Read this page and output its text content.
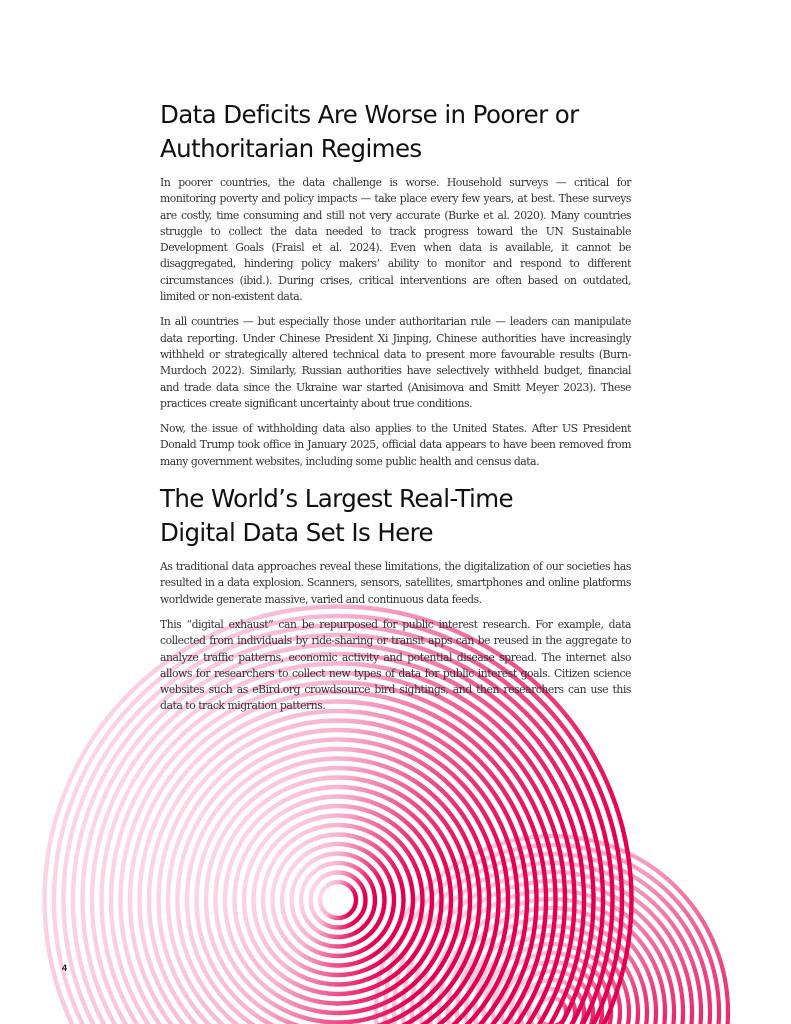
Data Deficits Are Worse in Poorer or
Authoritarian Regimes

In poorer countries, the data challenge is worse. Household surveys — critical for monitoring poverty and policy impacts — take place every few years, at best. These surveys are costly, time consuming and still not very accurate (Burke et al. 2020). Many countries struggle to collect the data needed to track progress toward the UN Sustainable Development Goals (Fraisl et al. 2024). Even when data is available, it cannot be disaggregated, hindering policy makers’ ability to monitor and respond to different circumstances (ibid.). During crises, critical interventions are often based on outdated, limited or non-existent data.

In all countries — but especially those under authoritarian rule — leaders can manipulate data reporting. Under Chinese President Xi Jinping, Chinese authorities have increasingly withheld or strategically altered technical data to present more favourable results (Burn-Murdoch 2022). Similarly, Russian authorities have selectively withheld budget, financial and trade data since the Ukraine war started (Anisimova and Smitt Meyer 2023). These practices create significant uncertainty about true conditions.

Now, the issue of withholding data also applies to the United States. After US President Donald Trump took office in January 2025, official data appears to have been removed from many government websites, including some public health and census data.

The World’s Largest Real-Time
Digital Data Set Is Here

As traditional data approaches reveal these limitations, the digitalization of our societies has resulted in a data explosion. Scanners, sensors, satellites, smartphones and online platforms worldwide generate massive, varied and continuous data feeds.

This “digital exhaust” can be repurposed for public interest research. For example, data collected from individuals by ride-sharing or transit apps can be reused in the aggregate to analyze traffic patterns, economic activity and potential disease spread. The internet also allows for researchers to collect new types of data for public interest goals. Citizen science websites such as eBird.org crowdsource bird sightings, and then researchers can use this data to track migration patterns.

4
